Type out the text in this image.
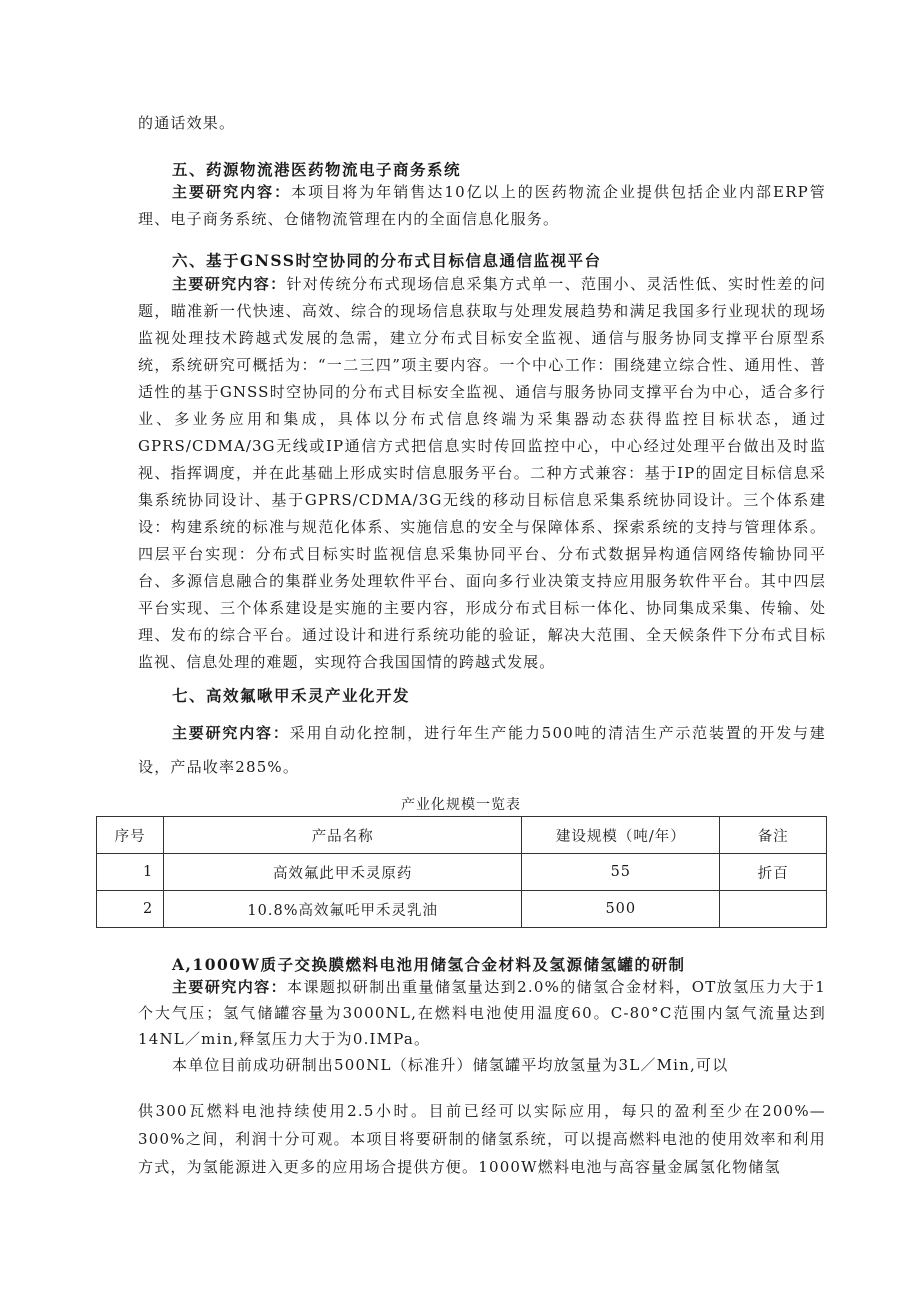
的通话效果。

五、药源物流港医药物流电子商务系统

主要研究内容：本项目将为年销售达10亿以上的医药物流企业提供包括企业内部ERP管理、电子商务系统、仓储物流管理在内的全面信息化服务。

六、基于GNSS时空协同的分布式目标信息通信监视平台

主要研究内容：针对传统分布式现场信息采集方式单一、范围小、灵活性低、实时性差的问题，瞄准新一代快速、高效、综合的现场信息获取与处理发展趋势和满足我国多行业现状的现场监视处理技术跨越式发展的急需，建立分布式目标安全监视、通信与服务协同支撑平台原型系统，系统研究可概括为：“一二三四”项主要内容。一个中心工作：围绕建立综合性、通用性、普适性的基于GNSS时空协同的分布式目标安全监视、通信与服务协同支撑平台为中心，适合多行业、多业务应用和集成，具体以分布式信息终端为采集器动态获得监控目标状态，通过GPRS/CDMA/3G无线或IP通信方式把信息实时传回监控中心，中心经过处理平台做出及时监视、指挥调度，并在此基础上形成实时信息服务平台。二种方式兼容：基于IP的固定目标信息采集系统协同设计、基于GPRS/CDMA/3G无线的移动目标信息采集系统协同设计。三个体系建设：构建系统的标准与规范化体系、实施信息的安全与保障体系、探索系统的支持与管理体系。四层平台实现：分布式目标实时监视信息采集协同平台、分布式数据异构通信网络传输协同平台、多源信息融合的集群业务处理软件平台、面向多行业决策支持应用服务软件平台。其中四层平台实现、三个体系建设是实施的主要内容，形成分布式目标一体化、协同集成采集、传输、处理、发布的综合平台。通过设计和进行系统功能的验证，解决大范围、全天候条件下分布式目标监视、信息处理的难题，实现符合我国国情的跨越式发展。

七、高效氟啾甲禾灵产业化开发

主要研究内容：采用自动化控制，进行年生产能力500吨的清洁生产示范装置的开发与建设，产品收率285%。

产业化规模一览表
序号	产品名称	建设规模（吨/年）	备注
1	高效氟此甲禾灵原药	55	折百
2	10.8%高效氟吒甲禾灵乳油	500	

A,1000W质子交换膜燃料电池用储氢合金材料及氢源储氢罐的研制

主要研究内容：本课题拟研制出重量储氢量达到2.0%的储氢合金材料，OT放氢压力大于1个大气压；氢气储罐容量为3000NL,在燃料电池使用温度60。C-80°C范围内氢气流量达到14NL／min,释氢压力大于为0.IMPa。

本单位目前成功研制出500NL（标准升）储氢罐平均放氢量为3L／Min,可以

供300瓦燃料电池持续使用2.5小时。目前已经可以实际应用，每只的盈利至少在200%—300%之间，利润十分可观。本项目将要研制的储氢系统，可以提高燃料电池的使用效率和利用方式，为氢能源进入更多的应用场合提供方便。1000W燃料电池与高容量金属氢化物储氢
